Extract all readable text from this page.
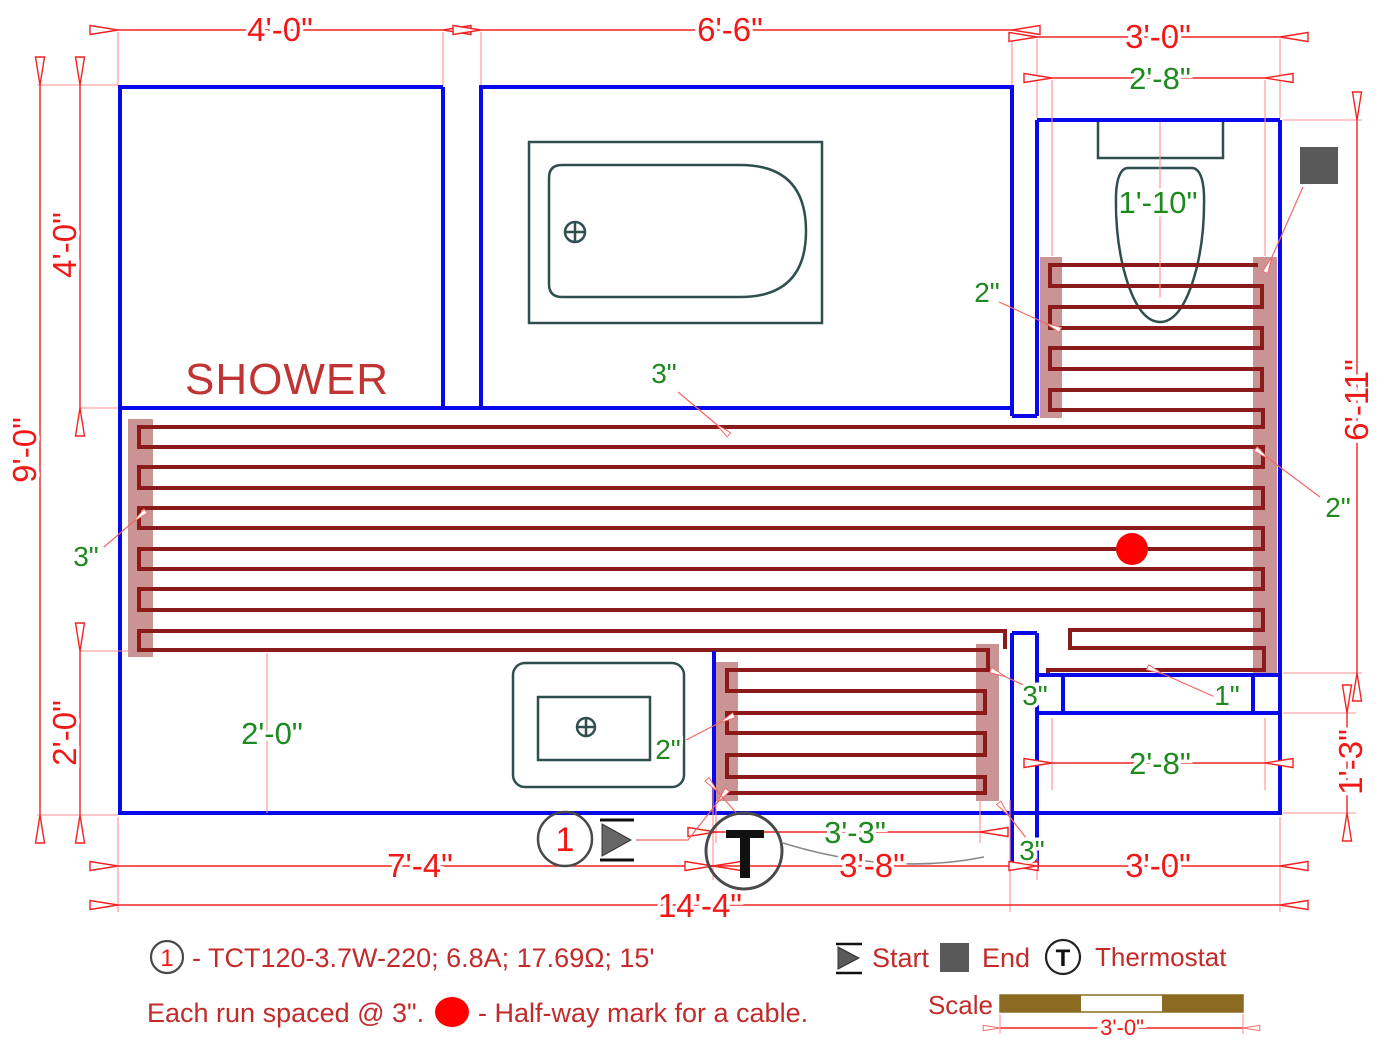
1
SHOWER
4'-0"	6'-6"	3'-0"
2'-8"
1'-10"
9'-0"
4'-0"
2'-0"
6'-11"
1'-3"
2'-0"
7'-4"	3'-8"
3'-3"
3'-0"
2'-8"
14'-4"
3"
3"
2"
2"
2"
3"	1"
3"
1 - TCT120-3.7W-220; 6.8A; 17.69Ω; 15'
Each run spaced @ 3". - Half-way mark for a cable.
Start End T Thermostat
Scale
3'-0"
